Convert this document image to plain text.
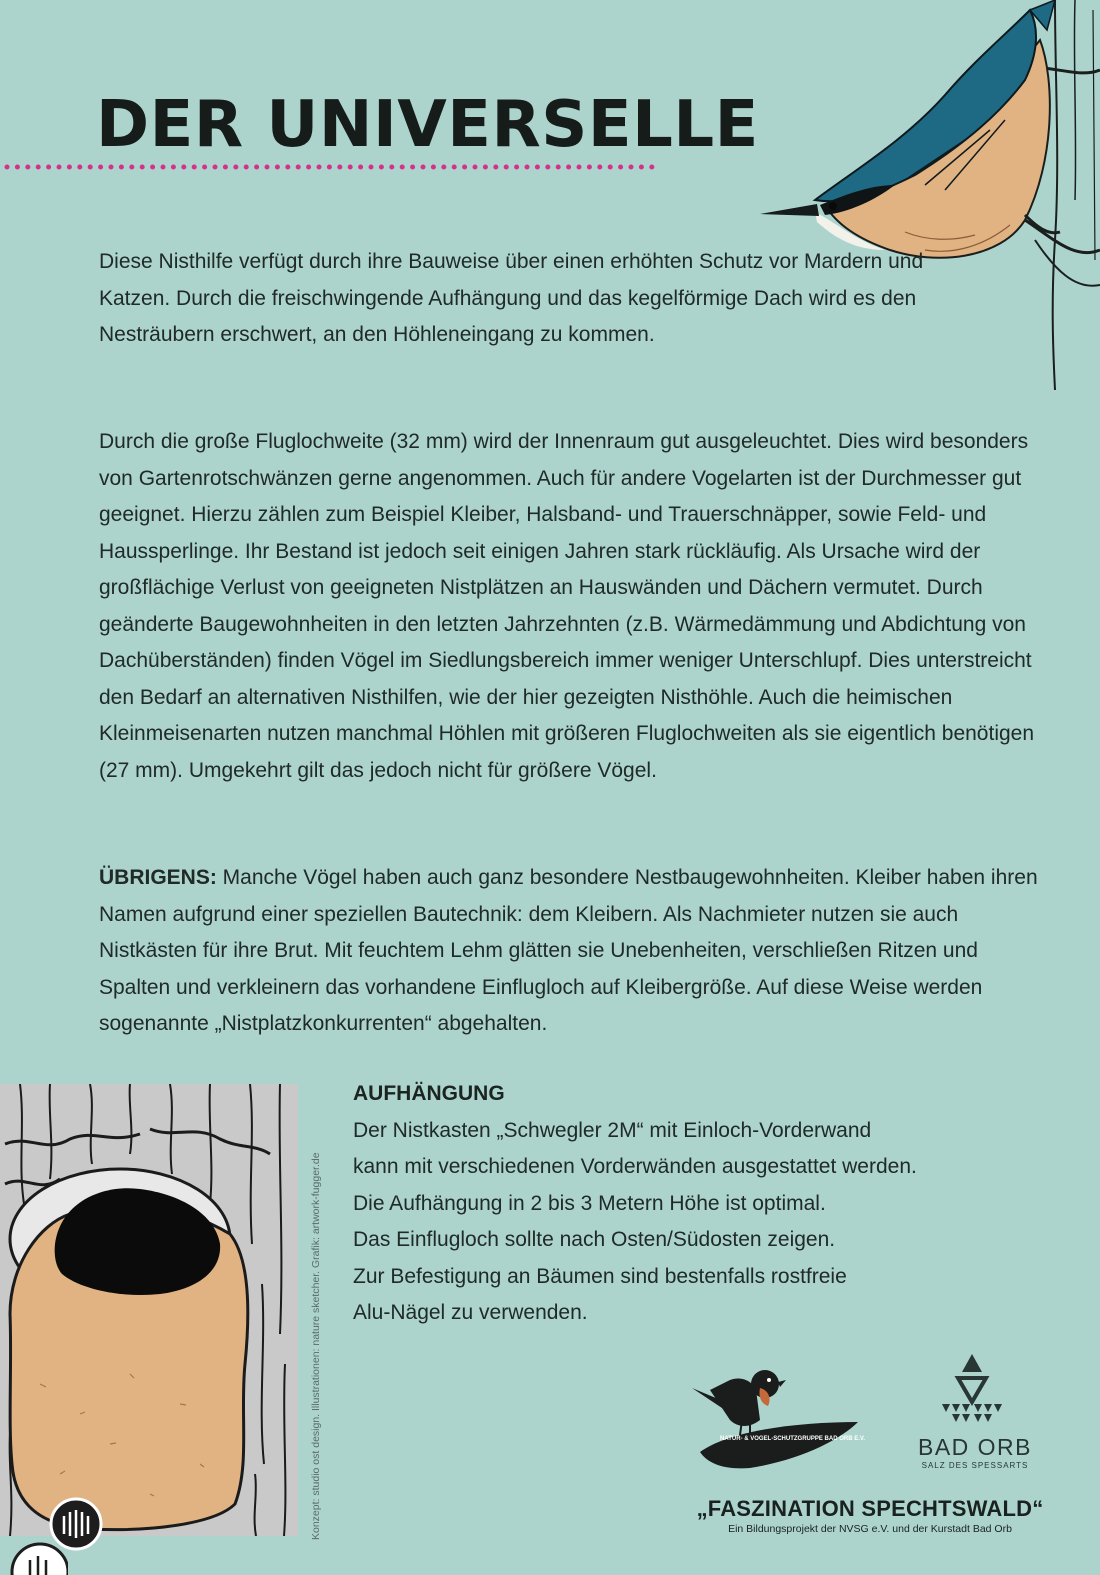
DER UNIVERSELLE

Diese Nisthilfe verfügt durch ihre Bauweise über einen erhöhten Schutz vor Mardern und Katzen. Durch die freischwingende Aufhängung und das kegelförmige Dach wird es den Nesträubern erschwert, an den Höhleneingang zu kommen.

Durch die große Fluglochweite (32 mm) wird der Innenraum gut ausgeleuchtet. Dies wird besonders von Gartenrotschwänzen gerne angenommen. Auch für andere Vogelarten ist der Durchmesser gut geeignet. Hierzu zählen zum Beispiel Kleiber, Halsband- und Trauerschnäpper, sowie Feld- und Haussperlinge. Ihr Bestand ist jedoch seit einigen Jahren stark rückläufig. Als Ursache wird der großflächige Verlust von geeigneten Nistplätzen an Hauswänden und Dächern vermutet. Durch geänderte Baugewohnheiten in den letzten Jahrzehnten (z.B. Wärmedämmung und Abdichtung von Dachüberständen) finden Vögel im Siedlungsbereich immer weniger Unterschlupf. Dies unterstreicht den Bedarf an alternativen Nisthilfen, wie der hier gezeigten Nisthöhle. Auch die heimischen Kleinmeisenarten nutzen manchmal Höhlen mit größeren Fluglochweiten als sie eigentlich benötigen (27 mm). Umgekehrt gilt das jedoch nicht für größere Vögel.

ÜBRIGENS: Manche Vögel haben auch ganz besondere Nestbaugewohnheiten. Kleiber haben ihren Namen aufgrund einer speziellen Bautechnik: dem Kleibern. Als Nachmieter nutzen sie auch Nistkästen für ihre Brut. Mit feuchtem Lehm glätten sie Unebenheiten, verschließen Ritzen und Spalten und verkleinern das vorhandene Einflugloch auf Kleibergröße. Auf diese Weise werden sogenannte „Nistplatzkonkurrenten“ abgehalten.

Konzept: studio ost design. Illustrationen: nature sketcher. Grafik: artwork-fugger.de
AUFHÄNGUNG
Der Nistkasten „Schwegler 2M“ mit Einloch-Vorderwand
kann mit verschiedenen Vorderwänden ausgestattet werden.
Die Aufhängung in 2 bis 3 Metern Höhe ist optimal.
Das Einflugloch sollte nach Osten/Südosten zeigen.
Zur Befestigung an Bäumen sind bestenfalls rostfreie
Alu-Nägel zu verwenden.
NATUR- & VOGEL-SCHUTZGRUPPE BAD ORB E.V.	BAD ORB
SALZ DES SPESSARTS
„FASZINATION SPECHTSWALD“
Ein Bildungsprojekt der NVSG e.V. und der Kurstadt Bad Orb
